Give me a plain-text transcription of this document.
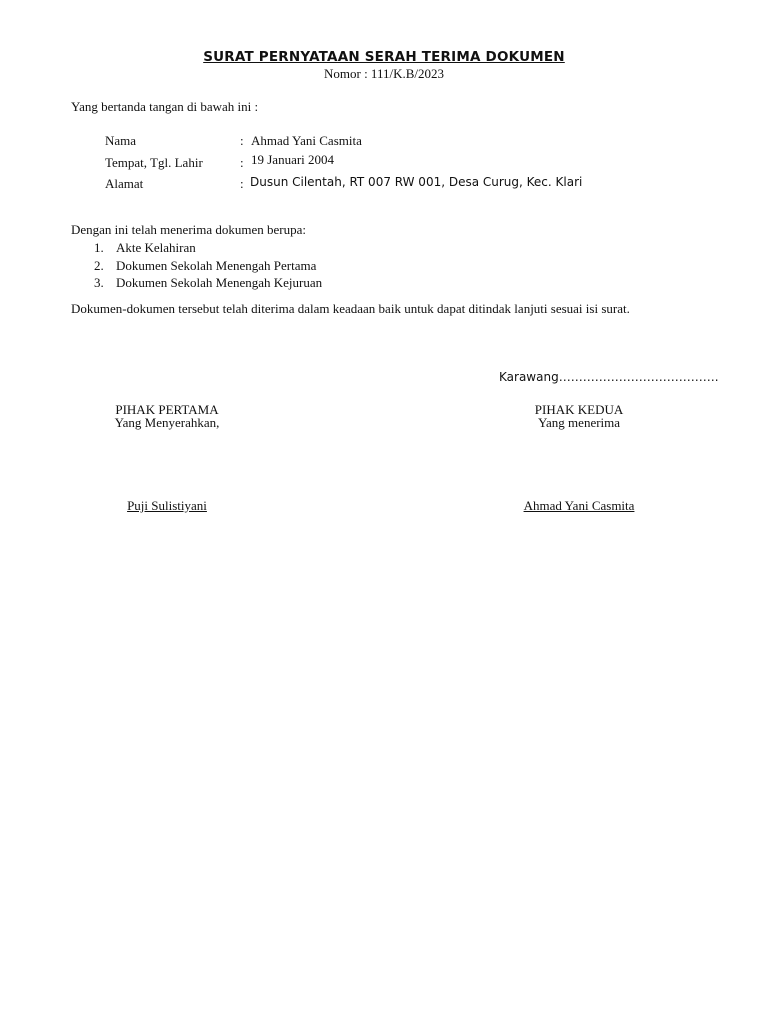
SURAT PERNYATAAN SERAH TERIMA DOKUMEN
Nomor : 111/K.B/2023
Yang bertanda tangan di bawah ini :
Nama	: Ahmad Yani Casmita
Tempat, Tgl. Lahir	: 19 Januari 2004
Alamat	: Dusun Cilentah, RT 007 RW 001, Desa Curug, Kec. Klari
Dengan ini telah menerima dokumen berupa:
1. Akte Kelahiran
2. Dokumen Sekolah Menengah Pertama
3. Dokumen Sekolah Menengah Kejuruan
Dokumen-dokumen tersebut telah diterima dalam keadaan baik untuk dapat ditindak lanjuti sesuai isi surat.
Karawang………………………………….
PIHAK PERTAMA
Yang Menyerahkan,
Puji Sulistiyani
PIHAK KEDUA
Yang menerima
Ahmad Yani Casmita
